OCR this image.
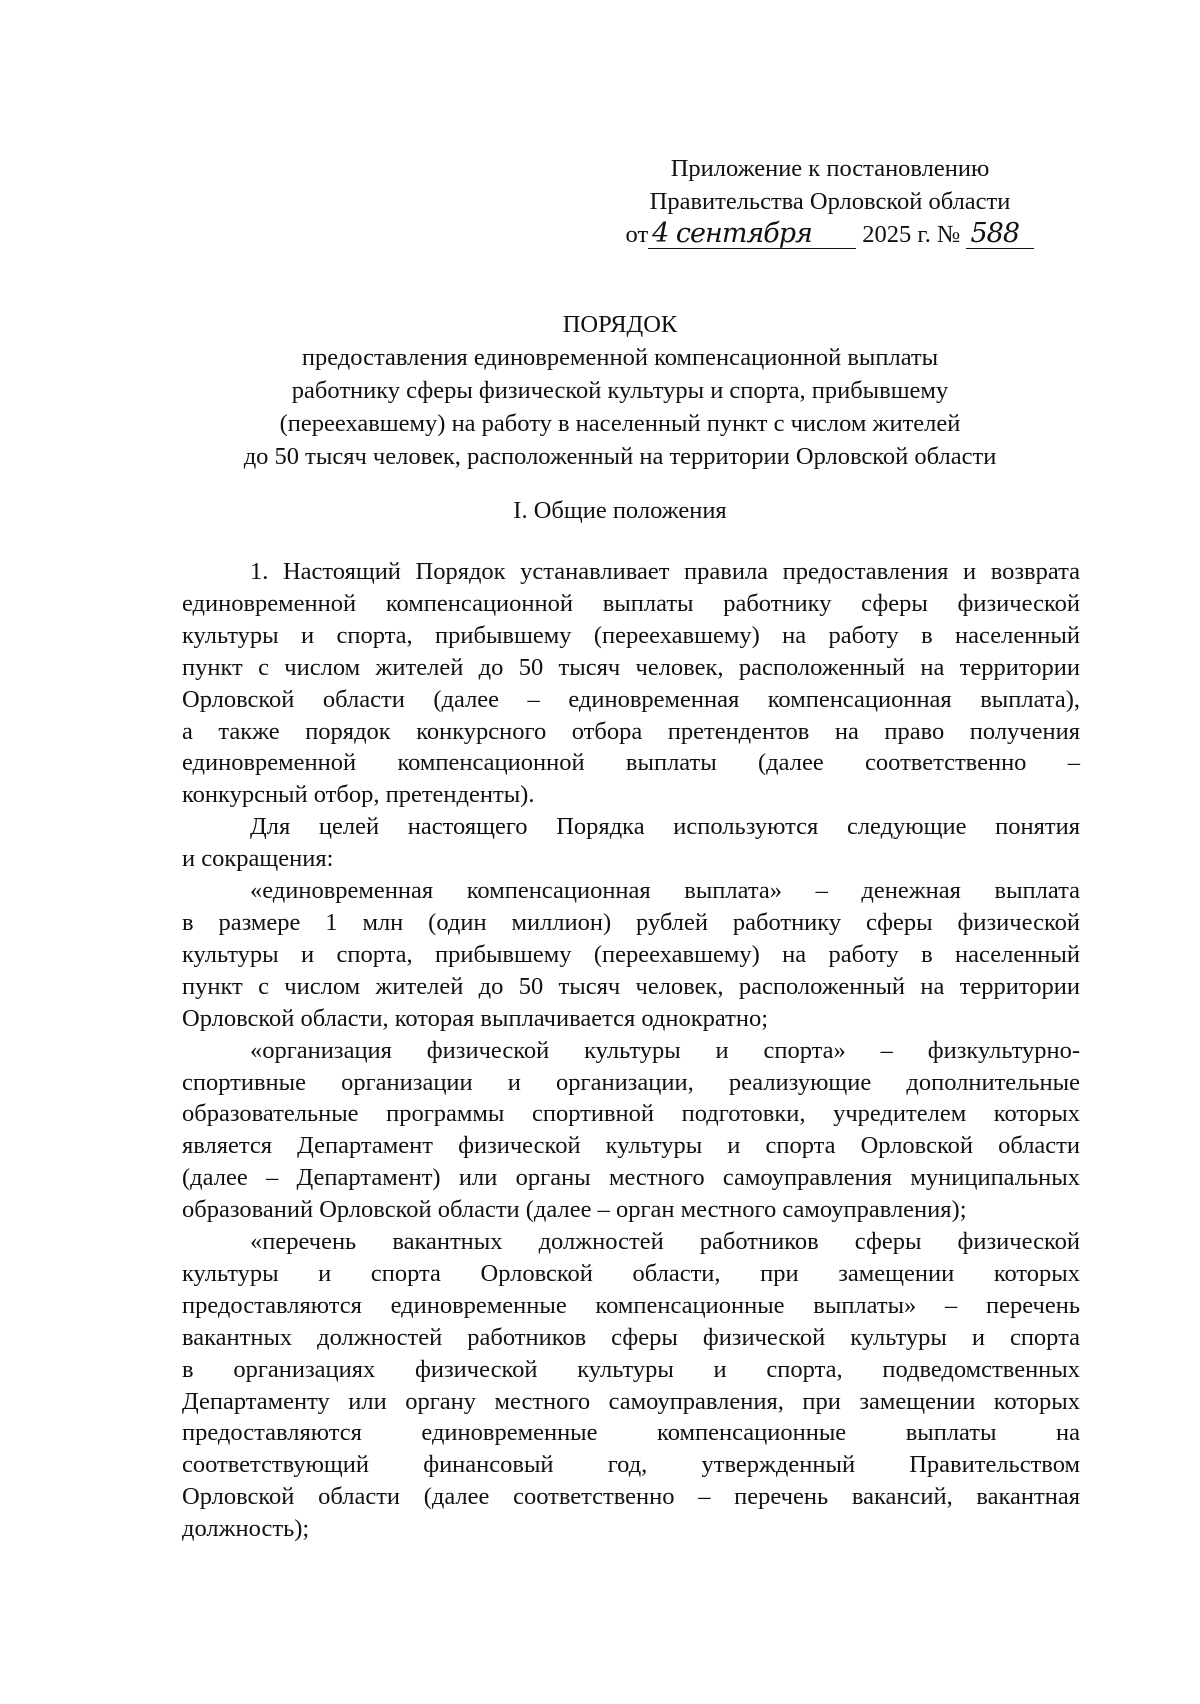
Приложение к постановлению
Правительства Орловской области
от 4 сентября 2025 г. № 588
ПОРЯДОК
предоставления единовременной компенсационной выплаты
работнику сферы физической культуры и спорта, прибывшему
(переехавшему) на работу в населенный пункт с числом жителей
до 50 тысяч человек, расположенный на территории Орловской области
I. Общие положения
1. Настоящий Порядок устанавливает правила предоставления и возврата
единовременной компенсационной выплаты работнику сферы физической
культуры и спорта, прибывшему (переехавшему) на работу в населенный
пункт с числом жителей до 50 тысяч человек, расположенный на территории
Орловской области (далее – единовременная компенсационная выплата),
а также порядок конкурсного отбора претендентов на право получения
единовременной компенсационной выплаты (далее соответственно –
конкурсный отбор, претенденты).
Для целей настоящего Порядка используются следующие понятия
и сокращения:
«единовременная компенсационная выплата» – денежная выплата
в размере 1 млн (один миллион) рублей работнику сферы физической
культуры и спорта, прибывшему (переехавшему) на работу в населенный
пункт с числом жителей до 50 тысяч человек, расположенный на территории
Орловской области, которая выплачивается однократно;
«организация физической культуры и спорта» – физкультурно-
спортивные организации и организации, реализующие дополнительные
образовательные программы спортивной подготовки, учредителем которых
является Департамент физической культуры и спорта Орловской области
(далее – Департамент) или органы местного самоуправления муниципальных
образований Орловской области (далее – орган местного самоуправления);
«перечень вакантных должностей работников сферы физической
культуры и спорта Орловской области, при замещении которых
предоставляются единовременные компенсационные выплаты» – перечень
вакантных должностей работников сферы физической культуры и спорта
в организациях физической культуры и спорта, подведомственных
Департаменту или органу местного самоуправления, при замещении которых
предоставляются единовременные компенсационные выплаты на
соответствующий финансовый год, утвержденный Правительством
Орловской области (далее соответственно – перечень вакансий, вакантная
должность);
